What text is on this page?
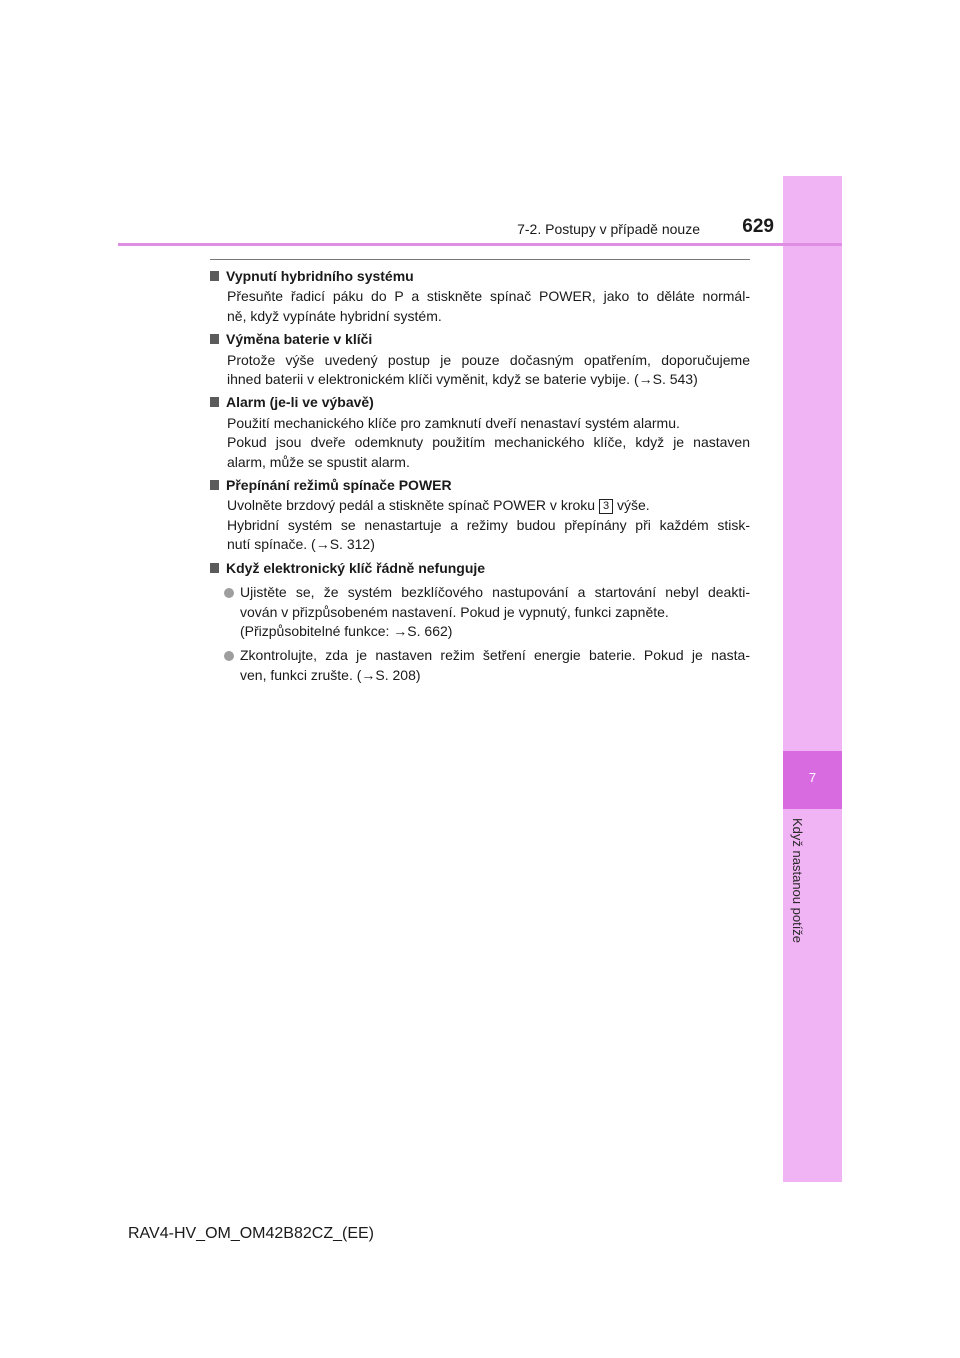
7
Když nastanou potíže
7-2. Postupy v případě nouze	629
Vypnutí hybridního systému
Přesuňte řadicí páku do P a stiskněte spínač POWER, jako to děláte normál-
ně, když vypínáte hybridní systém.
Výměna baterie v klíči
Protože výše uvedený postup je pouze dočasným opatřením, doporučujeme
ihned baterii v elektronickém klíči vyměnit, když se baterie vybije. (→S. 543)
Alarm (je-li ve výbavě)
Použití mechanického klíče pro zamknutí dveří nenastaví systém alarmu.
Pokud jsou dveře odemknuty použitím mechanického klíče, když je nastaven
alarm, může se spustit alarm.
Přepínání režimů spínače POWER
Uvolněte brzdový pedál a stiskněte spínač POWER v kroku 3 výše.
Hybridní systém se nenastartuje a režimy budou přepínány při každém stisk-
nutí spínače. (→S. 312)
Když elektronický klíč řádně nefunguje
Ujistěte se, že systém bezklíčového nastupování a startování nebyl deakti-
vován v přizpůsobeném nastavení. Pokud je vypnutý, funkci zapněte.
(Přizpůsobitelné funkce: →S. 662)
Zkontrolujte, zda je nastaven režim šetření energie baterie. Pokud je nasta-
ven, funkci zrušte. (→S. 208)
RAV4-HV_OM_OM42B82CZ_(EE)
